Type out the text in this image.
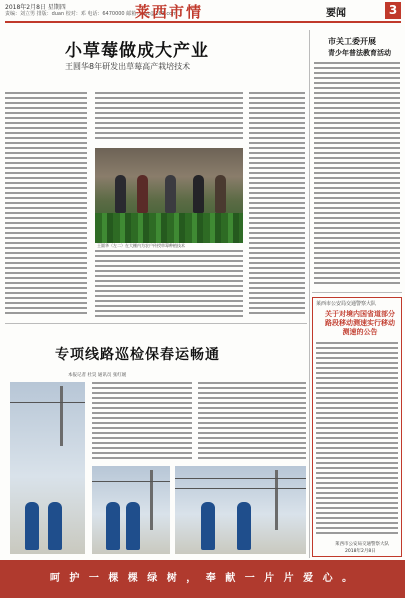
2018年2月8日 星期四
责编：刘立男 排版：duan 校对：邓 电话：6470000 邮箱：abc@163.com
莱西市情	要闻	3
小草莓做成大产业
王圆华8年研发出草莓高产栽培技术
王圆华（左二）在大棚内为农户传授草莓种植技术
市关工委开展
青少年普法教育活动
莱西市公安局交通警察大队
关于对境内国省道部分路段移动测速实行移动测速的公告
莱西市公安局交通警察大队
2018年2月8日
专项线路巡检保春运畅通
本报记者 杜昊 通讯员 张红媛
呵 护 一 棵 棵 绿 树 ， 奉 献 一 片 片 爱 心 。
